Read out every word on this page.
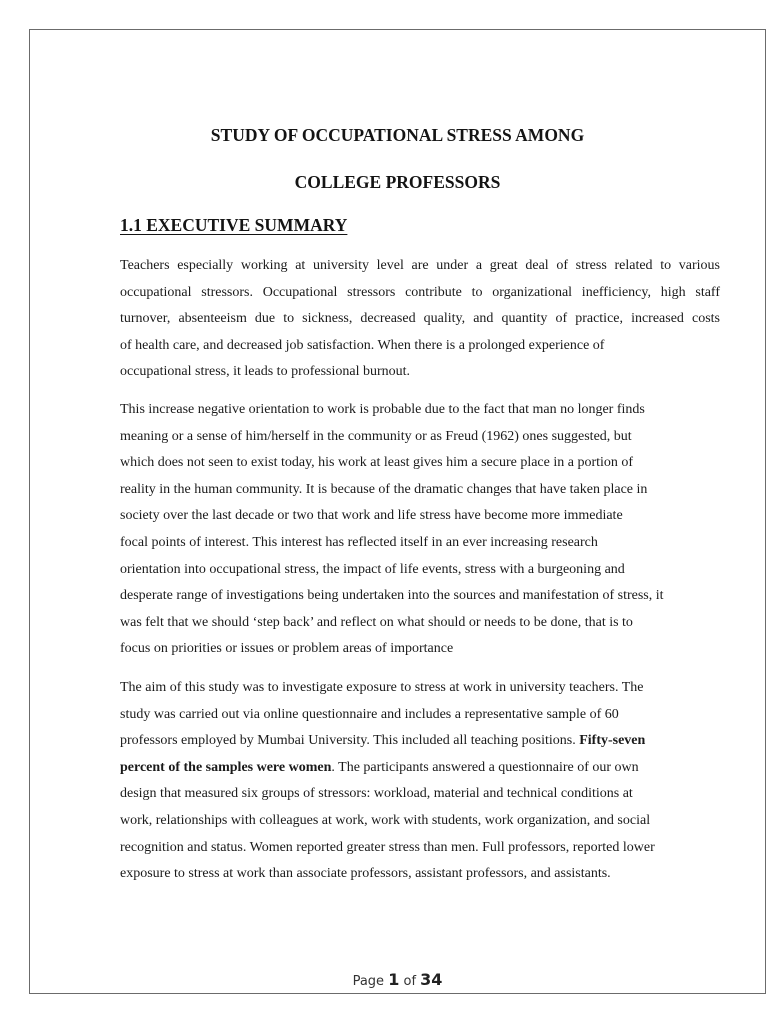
STUDY OF OCCUPATIONAL STRESS AMONG
COLLEGE PROFESSORS
1.1 EXECUTIVE SUMMARY

Teachers especially working at university level are under a great deal of stress related to various
occupational stressors. Occupational stressors contribute to organizational inefficiency, high staff
turnover, absenteeism due to sickness, decreased quality, and quantity of practice, increased costs
of health care, and decreased job satisfaction. When there is a prolonged experience of
occupational stress, it leads to professional burnout.

This increase negative orientation to work is probable due to the fact that man no longer finds
meaning or a sense of him/herself in the community or as Freud (1962) ones suggested, but
which does not seen to exist today, his work at least gives him a secure place in a portion of
reality in the human community. It is because of the dramatic changes that have taken place in
society over the last decade or two that work and life stress have become more immediate
focal points of interest. This interest has reflected itself in an ever increasing research
orientation into occupational stress, the impact of life events, stress with a burgeoning and
desperate range of investigations being undertaken into the sources and manifestation of stress, it
was felt that we should ‘step back’ and reflect on what should or needs to be done, that is to
focus on priorities or issues or problem areas of importance

The aim of this study was to investigate exposure to stress at work in university teachers. The
study was carried out via online questionnaire and includes a representative sample of 60
professors employed by Mumbai University. This included all teaching positions. Fifty-seven
percent of the samples were women. The participants answered a questionnaire of our own
design that measured six groups of stressors: workload, material and technical conditions at
work, relationships with colleagues at work, work with students, work organization, and social
recognition and status. Women reported greater stress than men. Full professors, reported lower
exposure to stress at work than associate professors, assistant professors, and assistants.

Page 1 of 34
